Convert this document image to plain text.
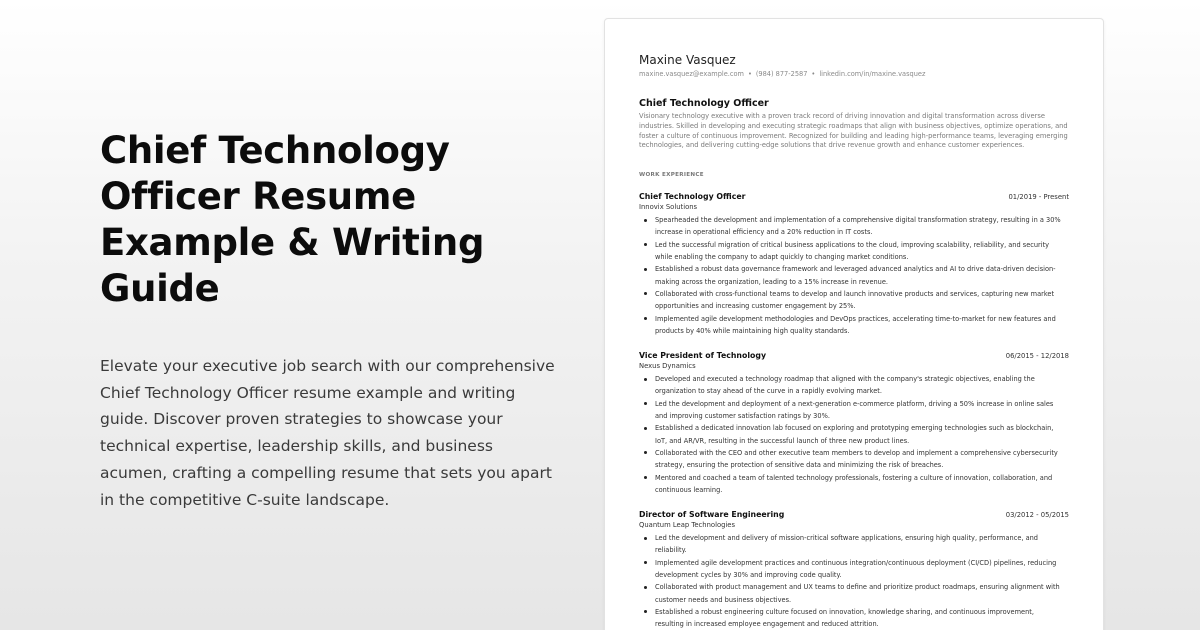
Chief Technology Officer Resume Example & Writing Guide

Elevate your executive job search with our comprehensive Chief Technology Officer resume example and writing guide. Discover proven strategies to showcase your technical expertise, leadership skills, and business acumen, crafting a compelling resume that sets you apart in the competitive C-suite landscape.

Maxine Vasquez
maxine.vasquez@example.com • (984) 877-2587 • linkedin.com/in/maxine.vasquez
Chief Technology Officer
Visionary technology executive with a proven track record of driving innovation and digital transformation across diverse industries. Skilled in developing and executing strategic roadmaps that align with business objectives, optimize operations, and foster a culture of continuous improvement. Recognized for building and leading high-performance teams, leveraging emerging technologies, and delivering cutting-edge solutions that drive revenue growth and enhance customer experiences.
WORK EXPERIENCE
Chief Technology Officer	01/2019 - Present
Innovix Solutions
Spearheaded the development and implementation of a comprehensive digital transformation strategy, resulting in a 30% increase in operational efficiency and a 20% reduction in IT costs.
Led the successful migration of critical business applications to the cloud, improving scalability, reliability, and security while enabling the company to adapt quickly to changing market conditions.
Established a robust data governance framework and leveraged advanced analytics and AI to drive data-driven decision-making across the organization, leading to a 15% increase in revenue.
Collaborated with cross-functional teams to develop and launch innovative products and services, capturing new market opportunities and increasing customer engagement by 25%.
Implemented agile development methodologies and DevOps practices, accelerating time-to-market for new features and products by 40% while maintaining high quality standards.
Vice President of Technology	06/2015 - 12/2018
Nexus Dynamics
Developed and executed a technology roadmap that aligned with the company's strategic objectives, enabling the organization to stay ahead of the curve in a rapidly evolving market.
Led the development and deployment of a next-generation e-commerce platform, driving a 50% increase in online sales and improving customer satisfaction ratings by 30%.
Established a dedicated innovation lab focused on exploring and prototyping emerging technologies such as blockchain, IoT, and AR/VR, resulting in the successful launch of three new product lines.
Collaborated with the CEO and other executive team members to develop and implement a comprehensive cybersecurity strategy, ensuring the protection of sensitive data and minimizing the risk of breaches.
Mentored and coached a team of talented technology professionals, fostering a culture of innovation, collaboration, and continuous learning.
Director of Software Engineering	03/2012 - 05/2015
Quantum Leap Technologies
Led the development and delivery of mission-critical software applications, ensuring high quality, performance, and reliability.
Implemented agile development practices and continuous integration/continuous deployment (CI/CD) pipelines, reducing development cycles by 30% and improving code quality.
Collaborated with product management and UX teams to define and prioritize product roadmaps, ensuring alignment with customer needs and business objectives.
Established a robust engineering culture focused on innovation, knowledge sharing, and continuous improvement, resulting in increased employee engagement and reduced attrition.
